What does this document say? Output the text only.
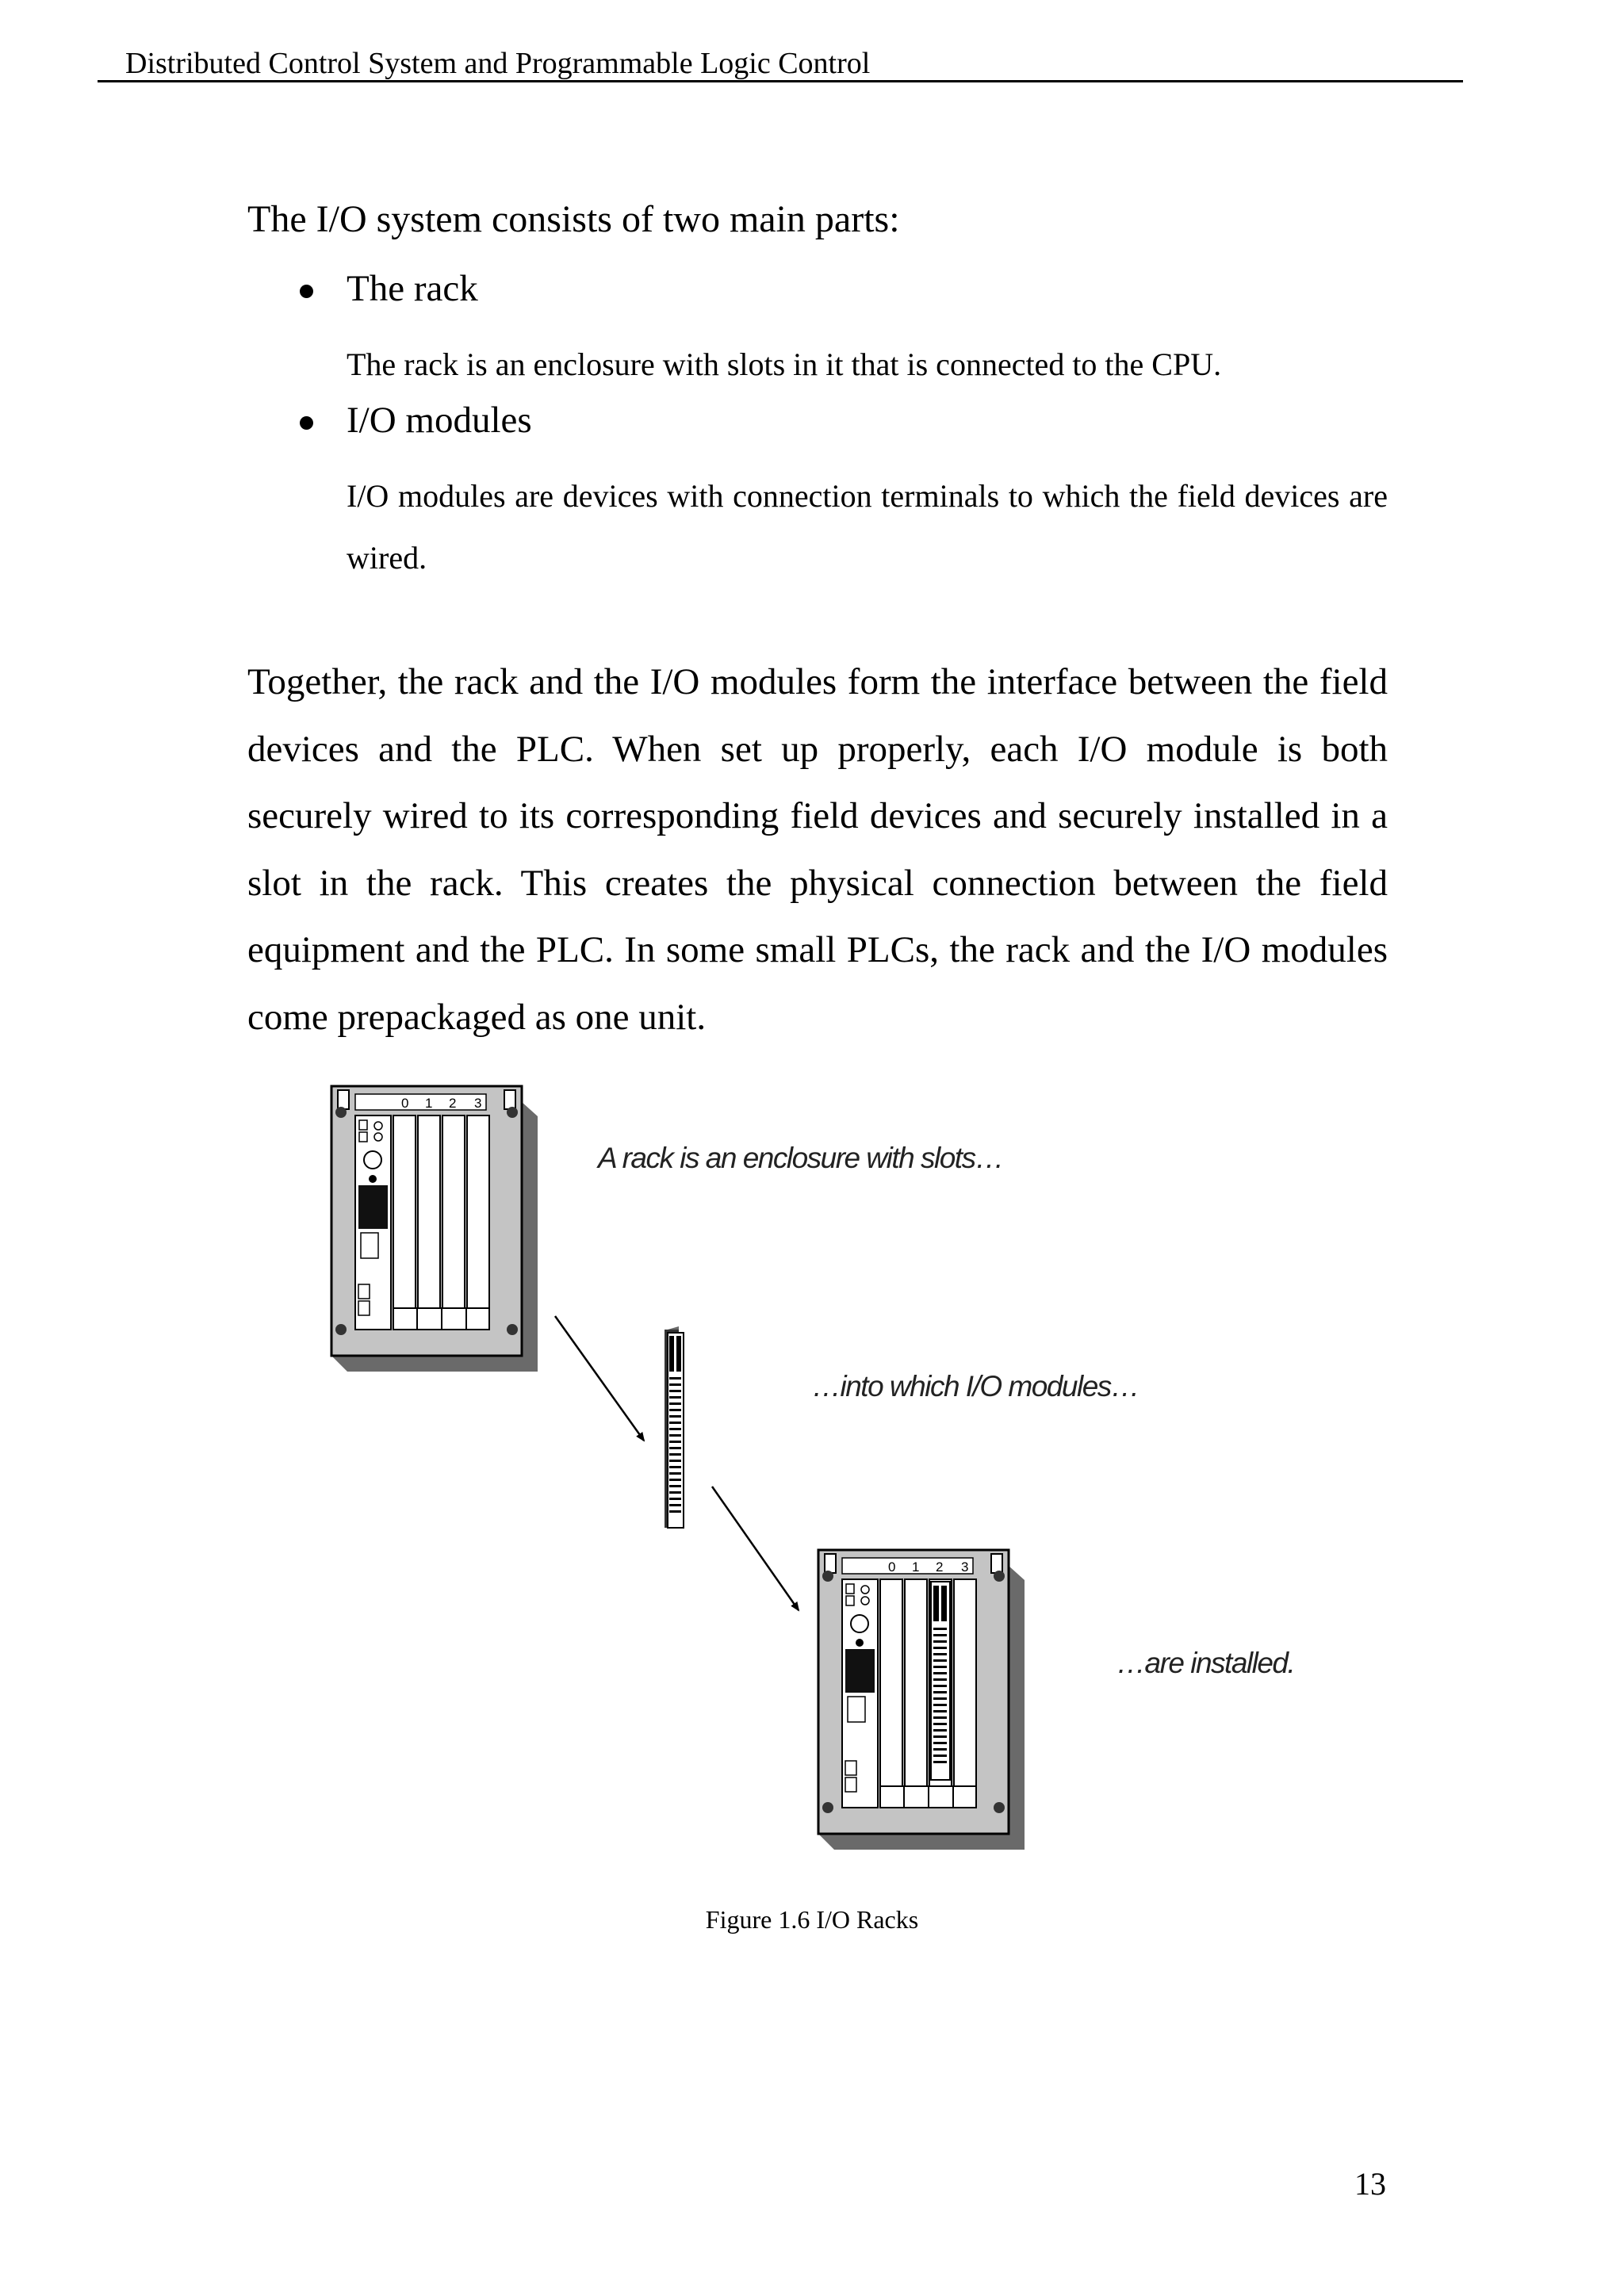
Distributed Control System and Programmable Logic Control
The I/O system consists of two main parts:
The rack
The rack is an enclosure with slots in it that is connected to the CPU.
I/O modules
I/O modules are devices with connection terminals to which the field devices are wired.
Together, the rack and the I/O modules form the interface between the field devices and the PLC. When set up properly, each I/O module is both securely wired to its corresponding field devices and securely installed in a slot in the rack. This creates the physical connection between the field equipment and the PLC. In some small PLCs, the rack and the I/O modules come prepackaged as one unit.
0 1 2 3
0 1 2 3
A rack is an enclosure with slots…
…into which I/O modules…
…are installed.
Figure 1.6 I/O Racks
13
